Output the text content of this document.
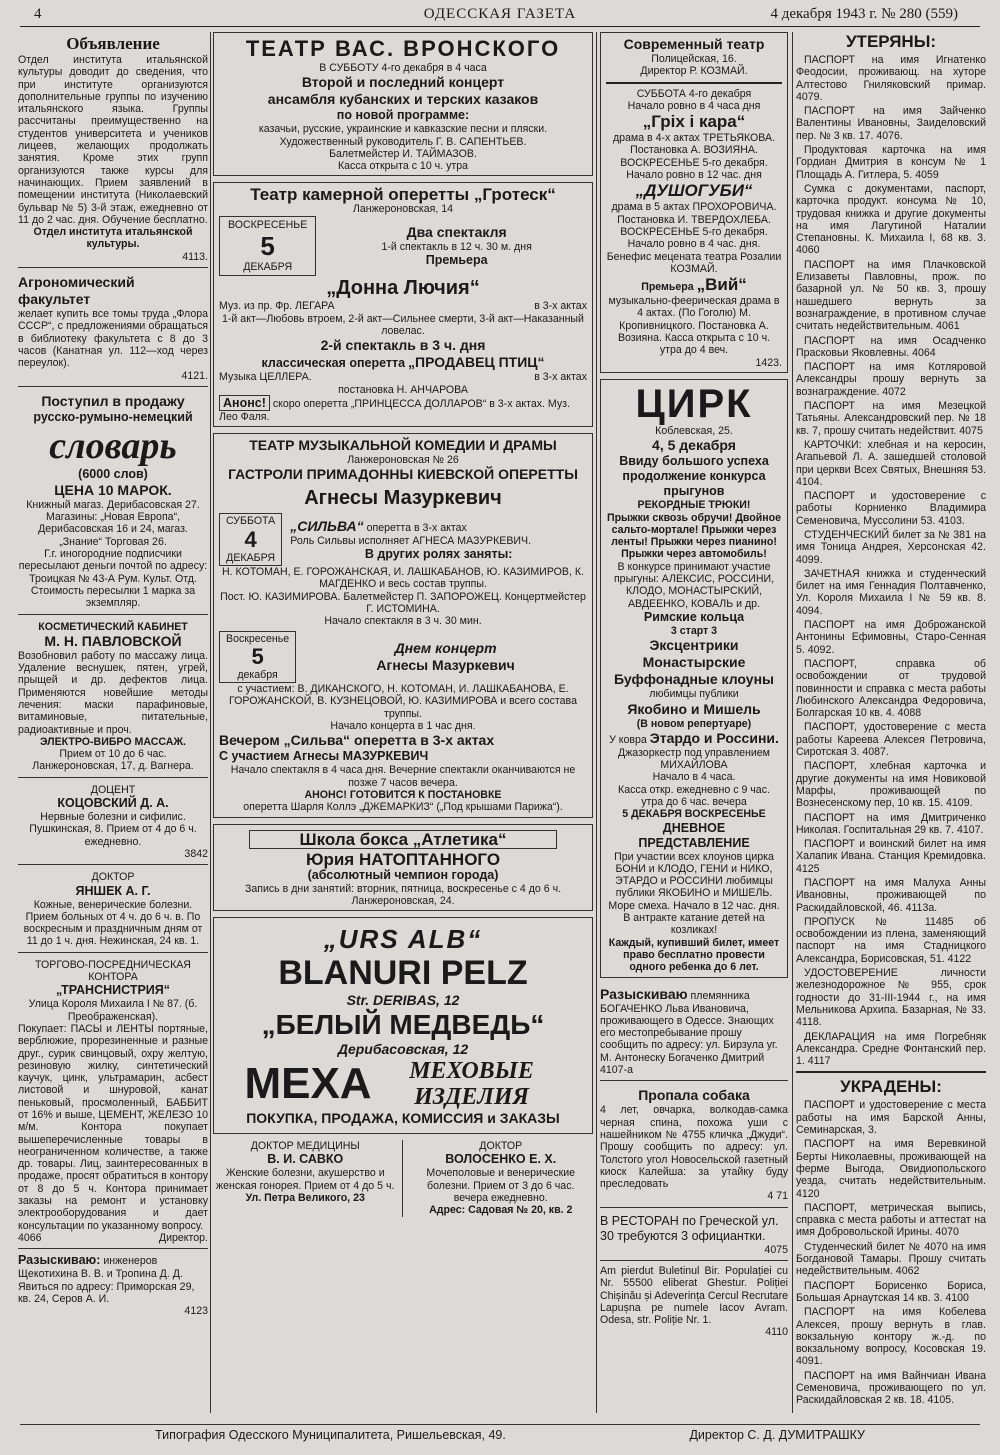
4	ОДЕССКАЯ ГАЗЕТА	4 декабря 1943 г. № 280 (559)

Объявление

Отдел института итальянской культуры доводит до сведения, что при институте организуются дополнительные группы по изучению итальянского языка. Группы рассчитаны преимущественно на студентов университета и учеников лицеев, желающих продолжать занятия. Кроме этих групп организуются также курсы для начинающих. Прием заявлений в помещении института (Николаевский бульвар № 5) 3-й этаж, ежедневно от 11 до 2 час. дня. Обучение бесплатно.

Отдел института итальянской культуры.

4113.

Агрономический факультет

желает купить все томы труда „Флора СССР“, с предложениями обращаться в библиотеку факультета с 8 до 3 часов (Канатная ул. 112—ход через переулок).

4121.

Поступил в продажу

русско-румыно-немецкий

словарь

(6000 слов)

ЦЕНА 10 МАРОК.

Книжный магаз. Дерибасовская 27. Магазины: „Новая Европа“, Дерибасовская 16 и 24, магаз. „Знание“ Торговая 26.

Г.г. иногородние подписчики пересылают деньги почтой по адресу: Троицкая № 43-А Рум. Культ. Отд. Стоимость пересылки 1 марка за экземпляр.

КОСМЕТИЧЕСКИЙ КАБИНЕТ

М. Н. ПАВЛОВСКОЙ

Возобновил работу по массажу лица. Удаление веснушек, пятен, угрей, прыщей и др. дефектов лица. Применяются новейшие методы лечения: маски парафиновые, витаминовые, питательные, радиоактивные и проч.

ЭЛЕКТРО-ВИБРО МАССАЖ.

Прием от 10 до 6 час. Ланжероновская, 17, д. Вагнера.

ДОЦЕНТ

КОЦОВСКИЙ Д. А.

Нервные болезни и сифилис. Пушкинская, 8. Прием от 4 до 6 ч. ежедневно.

3842

ДОКТОР

ЯНШЕК А. Г.

Кожные, венерические болезни. Прием больных от 4 ч. до 6 ч. в. По воскресным и праздничным дням от 11 до 1 ч. дня. Нежинская, 24 кв. 1.

ТОРГОВО-ПОСРЕДНИЧЕСКАЯ КОНТОРА

„ТРАНСНИСТРИЯ“

Улица Короля Михаила I № 87. (б. Преображенская).

Покупает: ПАСЫ и ЛЕНТЫ портяные, верблюжие, прорезиненные и разные друг., сурик свинцовый, охру желтую, резиновую жилку, синтетический каучук, цинк, ультрамарин, асбест листовой и шнуровой, канат пеньковый, просмоленный, БАББИТ от 16% и выше, ЦЕМЕНТ, ЖЕЛЕЗО 10 м/м. Контора покупает вышеперечисленные товары в неограниченном количестве, а также др. товары. Лиц, заинтересованных в продаже, просят обратиться в контору от 8 до 5 ч. Контора принимает заказы на ремонт и установку электрооборудования и дает консультации по указанному вопросу.

4066	Директор.

Разыскиваю: инженеров Щекотихина В. В. и Тропина Д. Д. Явиться по адресу: Приморская 29, кв. 24, Серов А. И.

4123

ТЕАТР ВАС. ВРОНСКОГО

В СУББОТУ 4-го декабря в 4 часа

Второй и последний концерт

ансамбля кубанских и терских казаков

по новой программе:

казачьи, русские, украинские и кавказские песни и пляски.

Художественный руководитель Г. В. САПЕНТЬЕВ.

Балетмейстер И. ТАЙМАЗОВ.

Касса открыта с 10 ч. утра

Театр камерной оперетты „Гротеск“

Ланжероновская, 14

ВОСКРЕСЕНЬЕ

5

ДЕКАБРЯ

Два спектакля

1-й спектакль в 12 ч. 30 м. дня

Премьера

„Донна Лючия“

Муз. из пр. Фр. ЛЕГАРА	в 3-х актах

1-й акт—Любовь втроем, 2-й акт—Сильнее смерти, 3-й акт—Наказанный ловелас.

2-й спектакль в 3 ч. дня

классическая оперетта „ПРОДАВЕЦ ПТИЦ“

Музыка ЦЕЛЛЕРА.	в 3-х актах

постановка Н. АНЧАРОВА

Анонс! скоро оперетта „ПРИНЦЕССА ДОЛЛАРОВ“ в 3-х актах. Муз. Лео Фаля.

ТЕАТР МУЗЫКАЛЬНОЙ КОМЕДИИ И ДРАМЫ

Ланжероновская № 26

ГАСТРОЛИ ПРИМАДОННЫ КИЕВСКОЙ ОПЕРЕТТЫ

Агнесы Мазуркевич

СУББОТА

4

ДЕКАБРЯ

„СИЛЬВА“ оперетта в 3-х актах

Роль Сильвы исполняет АГНЕСА МАЗУРКЕВИЧ.

В других ролях заняты:

Н. КОТОМАН, Е. ГОРОЖАНСКАЯ, И. ЛАШКАБАНОВ, Ю. КАЗИМИРОВ, К. МАГДЕНКО и весь состав труппы.

Пост. Ю. КАЗИМИРОВА. Балетмейстер П. ЗАПОРОЖЕЦ. Концертмейстер Г. ИСТОМИНА.

Начало спектакля в 3 ч. 30 мин.

Воскресенье

5

декабря

Днем концерт

Агнесы Мазуркевич

с участием: В. ДИКАНСКОГО, Н. КОТОМАН, И. ЛАШКАБАНОВА, Е. ГОРОЖАНСКОЙ, В. КУЗНЕЦОВОЙ, Ю. КАЗИМИРОВА и всего состава труппы.

Начало концерта в 1 час дня.

Вечером „Сильва“ оперетта в 3-х актах

С участием Агнесы МАЗУРКЕВИЧ

Начало спектакля в 4 часа дня. Вечерние спектакли оканчиваются не позже 7 часов вечера.

АНОНС! ГОТОВИТСЯ К ПОСТАНОВКЕ

оперетта Шарля Коллэ „ДЖЕМАРКИЗ“ („Под крышами Парижа“).

Школа бокса „Атлетика“

Юрия НАТОПТАННОГО

(абсолютный чемпион города)

Запись в дни занятий: вторник, пятница, воскресенье с 4 до 6 ч. Ланжероновская, 24.

„URS ALB“

BLANURI PELZ

Str. DERIBAS, 12

„БЕЛЫЙ МЕДВЕДЬ“

Дерибасовская, 12

МЕХА	МЕХОВЫЕ ИЗДЕЛИЯ

ПОКУПКА, ПРОДАЖА, КОМИССИЯ и ЗАКАЗЫ

ДОКТОР МЕДИЦИНЫ

В. И. САВКО

Женские болезни, акушерство и женская гонорея. Прием от 4 до 5 ч.

Ул. Петра Великого, 23

ДОКТОР

ВОЛОСЕНКО Е. Х.

Мочеполовые и венерические болезни. Прием от 3 до 6 час. вечера ежедневно.

Адрес: Садовая № 20, кв. 2

Современный театр

Полицейская, 16.

Директор Р. КОЗМАЙ.

СУББОТА 4-го декабря

Начало ровно в 4 часа дня

„Гріх і кара“

драма в 4-х актах ТРЕТЬЯКОВА. Постановка А. ВОЗИЯНА. ВОСКРЕСЕНЬЕ 5-го декабря. Начало ровно в 12 час. дня

„ДУШОГУБИ“

драма в 5 актах ПРОХОРОВИЧА. Постановка И. ТВЕРДОХЛЕБА. ВОСКРЕСЕНЬЕ 5-го декабря. Начало ровно в 4 час. дня. Бенефис мецената театра Розалии КОЗМАЙ.

Премьера „Вий“

музыкально-феерическая драма в 4 актах. (По Гоголю) М. Кропивницкого. Постановка А. Возияна. Касса открыта с 10 ч. утра до 4 веч.

1423.

ЦИРК

Коблевская, 25.

4, 5 декабря

Ввиду большого успеха продолжение конкурса прыгунов

РЕКОРДНЫЕ ТРЮКИ!

Прыжки сквозь обручи! Двойное сальто-мортале! Прыжки через ленты! Прыжки через пианино! Прыжки через автомобиль!

В конкурсе принимают участие прыгуны: АЛЕКСИС, РОССИНИ, КЛОДО, МОНАСТЫРСКИЙ, АВДЕЕНКО, КОВАЛЬ и др.

Римские кольца

3 старт 3

Эксцентрики

Монастырские

Буффонадные клоуны

любимцы публики

Якобино и Мишель

(В новом репертуаре)

У ковра Этардо и Россини.

Джазоркестр под управлением МИХАЙЛОВА

Начало в 4 часа.

Касса откр. ежедневно с 9 час. утра до 6 час. вечера

5 ДЕКАБРЯ ВОСКРЕСЕНЬЕ

ДНЕВНОЕ ПРЕДСТАВЛЕНИЕ

При участии всех клоунов цирка БОНИ и КЛОДО, ГЕНИ и НИКО, ЭТАРДО и РОССИНИ любимцы публики ЯКОБИНО и МИШЕЛЬ. Море смеха. Начало в 12 час. дня. В антракте катание детей на козликах!

Каждый, купивший билет, имеет право бесплатно провести одного ребенка до 6 лет.

Разыскиваю племянника БОГАЧЕНКО Льва Ивановича, проживающего в Одессе. Знающих его местопребывание прошу сообщить по адресу: ул. Бирзула уг. М. Антонеску Богаченко Дмитрий 4107-а

Пропала собака

4 лет, овчарка, волкодав-самка черная спина, похожа уши с нашейником № 4755 кличка „Джуди“. Прошу сообщить по адресу: ул. Толстого угол Новосельской газетный киоск Калейша: за утайку буду преследовать

4 71

В РЕСТОРАН по Греческой ул. 30 требуются 3 официантки.

4075

Am pierdut Buletinul Bir. Populației cu Nr. 55500 eliberat Ghestur. Poliției Chișinău și Adeverința Cercul Recrutare Lapușna pe numele Iacov Avram. Odesa, str. Poliție Nr. 1.

4110

УТЕРЯНЫ:

ПАСПОРТ на имя Игнатенко Феодосии, проживающ. на хуторе Алтестово Гниляковский примар. 4079.

ПАСПОРТ на имя Зайченко Валентины Ивановны, Заиделовский пер. № 3 кв. 17. 4076.

Продуктовая карточка на имя Гордиан Дмитрия в консум № 1 Площадь А. Гитлера, 5. 4059

Сумка с документами, паспорт, карточка продукт. консума № 10, трудовая книжка и другие документы на имя Лагутиной Наталии Степановны. К. Михаила I, 68 кв. 3. 4060

ПАСПОРТ на имя Плачковской Елизаветы Павловны, прож. по базарной ул. № 50 кв. 3, прошу нашедшего вернуть за вознаграждение, в противном случае считать недействительным. 4061

ПАСПОРТ на имя Осадченко Прасковьи Яковлевны. 4064

ПАСПОРТ на имя Котляровой Александры прошу вернуть за вознаграждение. 4072

ПАСПОРТ на имя Мезецкой Татьяны. Александровский пер. № 18 кв. 7, прошу считать недействит. 4075

КАРТОЧКИ: хлебная и на керосин, Агапьевой Л. А. зашедшей столовой при церкви Всех Святых, Внешняя 53. 4104.

ПАСПОРТ и удостоверение с работы Корниенко Владимира Семеновича, Муссолини 53. 4103.

СТУДЕНЧЕСКИЙ билет за № 381 на имя Тоница Андрея, Херсонская 42. 4099.

ЗАЧЕТНАЯ книжка и студенческий билет на имя Геннадия Полтавченко, Ул. Короля Михаила I № 59 кв. 8. 4094.

ПАСПОРТ на имя Доброжанской Антонины Ефимовны, Старо-Сенная 5. 4092.

ПАСПОРТ, справка об освобождении от трудовой повинности и справка с места работы Любинского Александра Федоровича, Болгарская 10 кв. 4. 4088

ПАСПОРТ, удостоверение с места работы Кареева Алексея Петровича, Сиротская 3. 4087.

ПАСПОРТ, хлебная карточка и другие документы на имя Новиковой Марфы, проживающей по Вознесенскому пер, 10 кв. 15. 4109.

ПАСПОРТ на имя Дмитриченко Николая. Госпитальная 29 кв. 7. 4107.

ПАСПОРТ и воинский билет на имя Халапик Ивана. Станция Кремидовка. 4125

ПАСПОРТ на имя Малуха Анны Ивановны, проживающей по Раскидайловской, 46. 4113а.

ПРОПУСК № 11485 об освобождении из плена, заменяющий паспорт на имя Стадницкого Александра, Борисовская, 51. 4122

УДОСТОВЕРЕНИЕ личности железнодорожное № 955, срок годности до 31-III-1944 г., на имя Мельникова Архипа. Базарная, № 33. 4118.

ДЕКЛАРАЦИЯ на имя Погребняк Александра. Средне Фонтанский пер. 1. 4117

УКРАДЕНЫ:

ПАСПОРТ и удостоверение с места работы на имя Барской Анны, Семинарская, 3.

ПАСПОРТ на имя Веревкиной Берты Николаевны, проживающей на ферме Выгода, Овидиопольского уезда, считать недействительным. 4120

ПАСПОРТ, метрическая выпись, справка с места работы и аттестат на имя Добровольской Ирины. 4070

Студенческий билет № 4070 на имя Богдановой Тамары. Прошу считать недействительным. 4062

ПАСПОРТ Борисенко Бориса, Большая Арнаутская 14 кв. 3. 4100

ПАСПОРТ на имя Кобелева Алексея, прошу вернуть в глав. вокзальную контору ж.-д. по вокзальному вопросу, Косовская 19. 4091.

ПАСПОРТ на имя Вайнчиан Ивана Семеновича, проживающего по ул. Раскидайловская 2 кв. 18. 4105.

Типография Одесского Муниципалитета, Ришельевская, 49.	Директор С. Д. ДУМИТРАШКУ
